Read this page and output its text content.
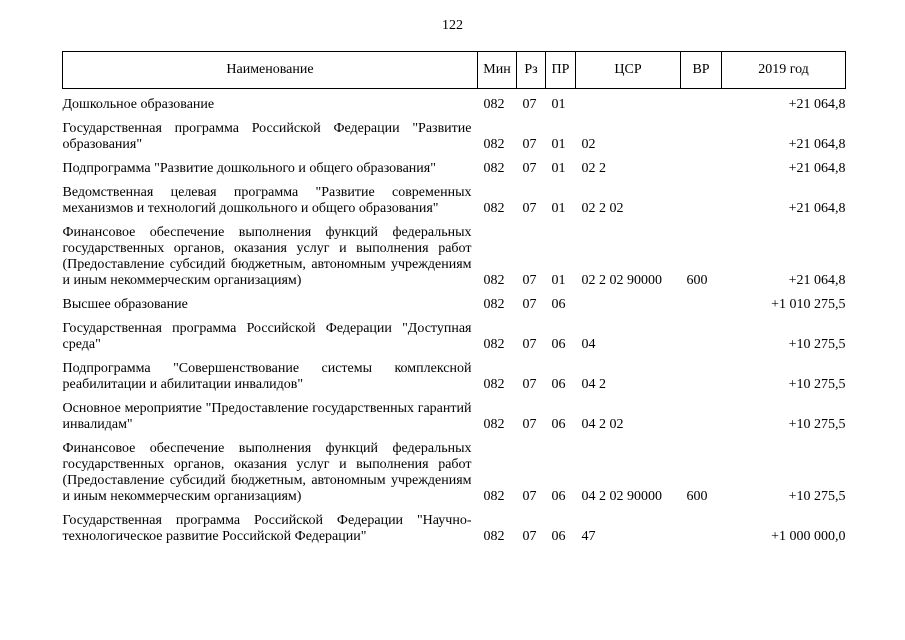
122
Наименование	Мин	Рз	ПР	ЦСР	ВР	2019 год

Дошкольное образование	082	07	01			+21 064,8

Государственная программа Российской Федерации "Развитие образования"	082	07	01	02		+21 064,8

Подпрограмма "Развитие дошкольного и общего образования"	082	07	01	02 2		+21 064,8

Ведомственная целевая программа "Развитие современных механизмов и технологий дошкольного и общего образования"	082	07	01	02 2 02		+21 064,8

Финансовое обеспечение выполнения функций федеральных государственных органов, оказания услуг и выполнения работ (Предоставление субсидий бюджетным, автономным учреждениям и иным некоммерческим организациям)	082	07	01	02 2 02 90000	600	+21 064,8

Высшее образование	082	07	06			+1 010 275,5

Государственная программа Российской Федерации "Доступная среда"	082	07	06	04		+10 275,5

Подпрограмма "Совершенствование системы комплексной реабилитации и абилитации инвалидов"	082	07	06	04 2		+10 275,5

Основное мероприятие "Предоставление государственных гарантий инвалидам"	082	07	06	04 2 02		+10 275,5

Финансовое обеспечение выполнения функций федеральных государственных органов, оказания услуг и выполнения работ (Предоставление субсидий бюджетным, автономным учреждениям и иным некоммерческим организациям)	082	07	06	04 2 02 90000	600	+10 275,5

Государственная программа Российской Федерации "Научно-технологическое развитие Российской Федерации"	082	07	06	47		+1 000 000,0
